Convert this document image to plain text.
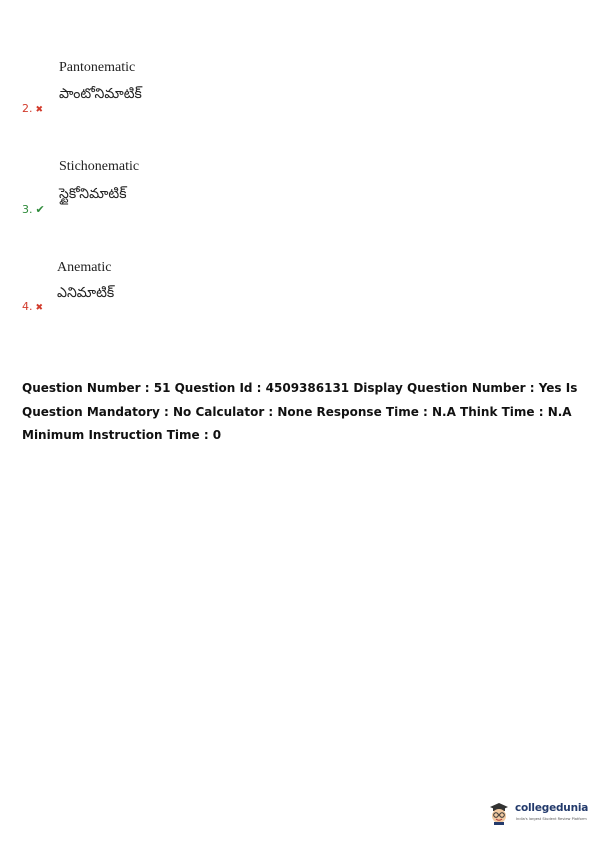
Pantonematic
పాంటోనిమాటిక్
2. ✖
Stichonematic
స్టైకోనిమాటిక్
3. ✔
Anematic
ఎనిమాటిక్
4. ✖
Question Number : 51 Question Id : 4509386131 Display Question Number : Yes Is Question Mandatory : No Calculator : None Response Time : N.A Think Time : N.A Minimum Instruction Time : 0
collegedunia
India's largest Student Review Platform
